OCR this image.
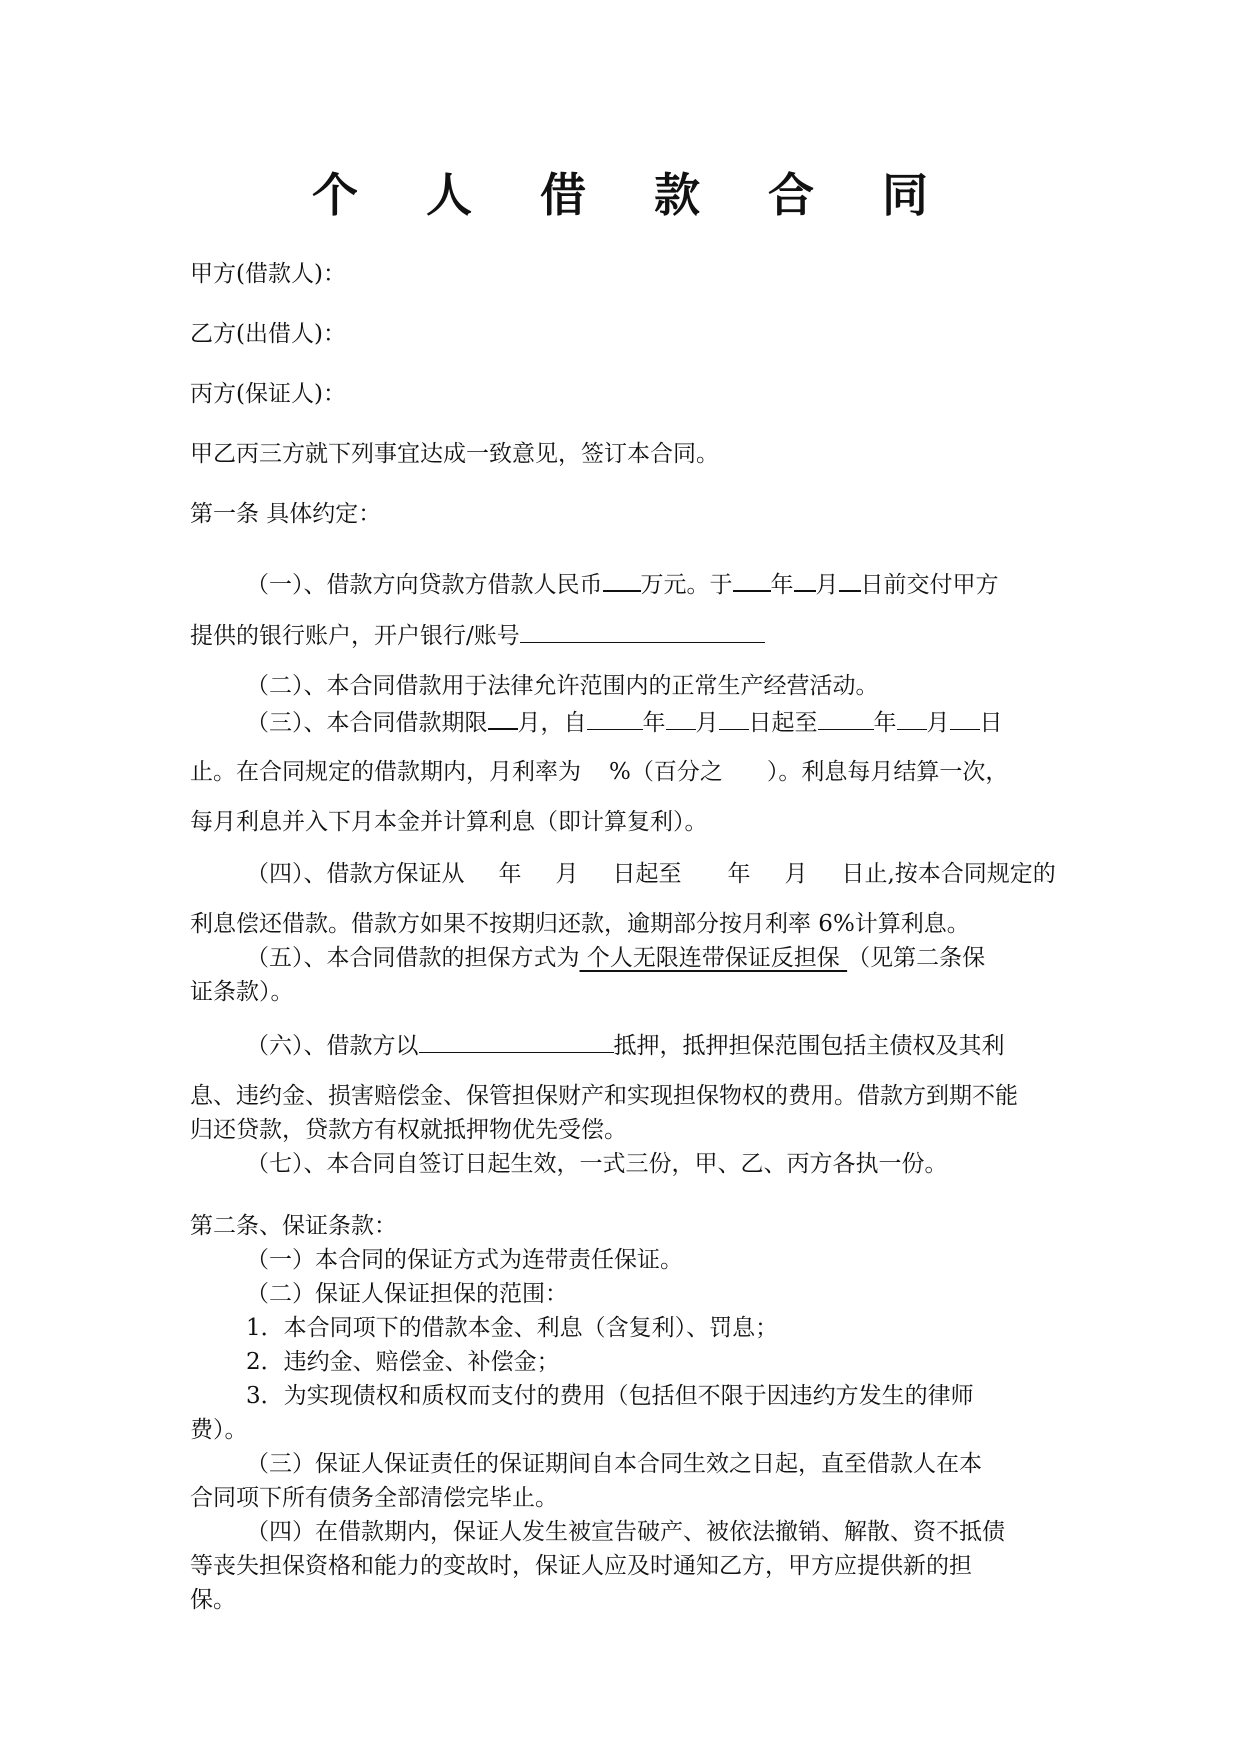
个 人 借 款 合 同
甲方(借款人)：
乙方(出借人)：
丙方(保证人)：
甲乙丙三方就下列事宜达成一致意见，签订本合同。
第一条 具体约定：
（一）、借款方向贷款方借款人民币 万元。于 年 月 日前交付甲方
提供的银行账户，开户银行/账号
（二）、本合同借款用于法律允许范围内的正常生产经营活动。
（三）、本合同借款期限 月，自 年 月 日起至 年 月 日
止。在合同规定的借款期内，月利率为 %（百分之 ）。利息每月结算一次，
每月利息并入下月本金并计算利息（即计算复利）。
（四）、借款方保证从 年 月 日起至 年 月 日止,按本合同规定的
利息偿还借款。借款方如果不按期归还款，逾期部分按月利率 6%计算利息。
（五）、本合同借款的担保方式为 个人无限连带保证反担保 （见第二条保
证条款）。
（六）、借款方以	抵押，抵押担保范围包括主债权及其利
息、违约金、损害赔偿金、保管担保财产和实现担保物权的费用。借款方到期不能
归还贷款，贷款方有权就抵押物优先受偿。
（七）、本合同自签订日起生效，一式三份，甲、乙、丙方各执一份。
第二条、保证条款：
（一）本合同的保证方式为连带责任保证。
（二）保证人保证担保的范围：
1．本合同项下的借款本金、利息（含复利）、罚息；
2．违约金、赔偿金、补偿金；
3．为实现债权和质权而支付的费用（包括但不限于因违约方发生的律师
费）。
（三）保证人保证责任的保证期间自本合同生效之日起，直至借款人在本
合同项下所有债务全部清偿完毕止。
（四）在借款期内，保证人发生被宣告破产、被依法撤销、解散、资不抵债
等丧失担保资格和能力的变故时，保证人应及时通知乙方，甲方应提供新的担
保。
